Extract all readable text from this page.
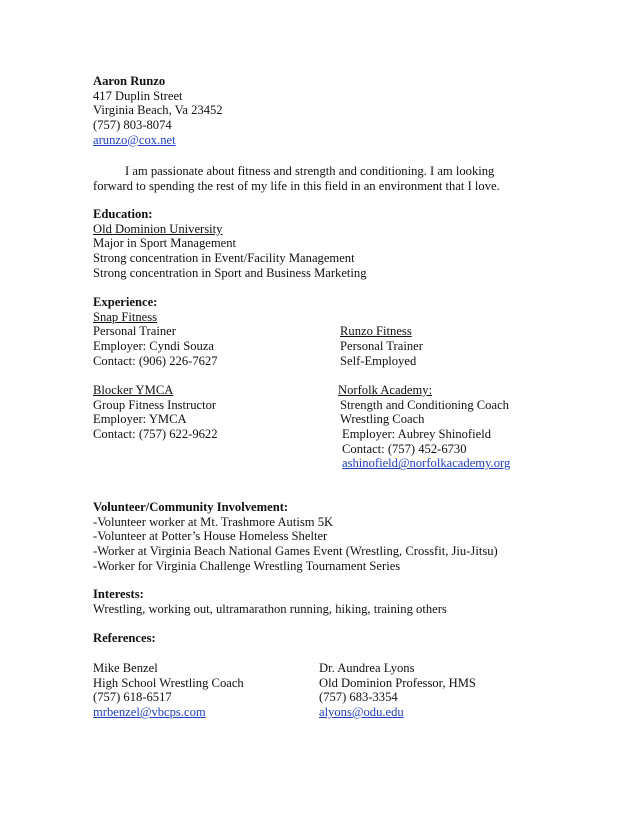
Aaron Runzo
417 Duplin Street
Virginia Beach, Va 23452
(757) 803-8074
arunzo@cox.net
I am passionate about fitness and strength and conditioning. I am looking
forward to spending the rest of my life in this field in an environment that I love.
Education:
Old Dominion University
Major in Sport Management
Strong concentration in Event/Facility Management
Strong concentration in Sport and Business Marketing
Experience:
Snap Fitness
Personal Trainer
Employer: Cyndi Souza
Contact: (906) 226-7627
Runzo Fitness
Personal Trainer
Self-Employed
Blocker YMCA
Group Fitness Instructor
Employer: YMCA
Contact: (757) 622-9622
Norfolk Academy:
Strength and Conditioning Coach
Wrestling Coach
Employer: Aubrey Shinofield
Contact: (757) 452-6730
ashinofield@norfolkacademy.org
Volunteer/Community Involvement:
-Volunteer worker at Mt. Trashmore Autism 5K
-Volunteer at Potter’s House Homeless Shelter
-Worker at Virginia Beach National Games Event (Wrestling, Crossfit, Jiu-Jitsu)
-Worker for Virginia Challenge Wrestling Tournament Series
Interests:
Wrestling, working out, ultramarathon running, hiking, training others
References:
Mike Benzel
High School Wrestling Coach
(757) 618-6517
mrbenzel@vbcps.com
Dr. Aundrea Lyons
Old Dominion Professor, HMS
(757) 683-3354
alyons@odu.edu
